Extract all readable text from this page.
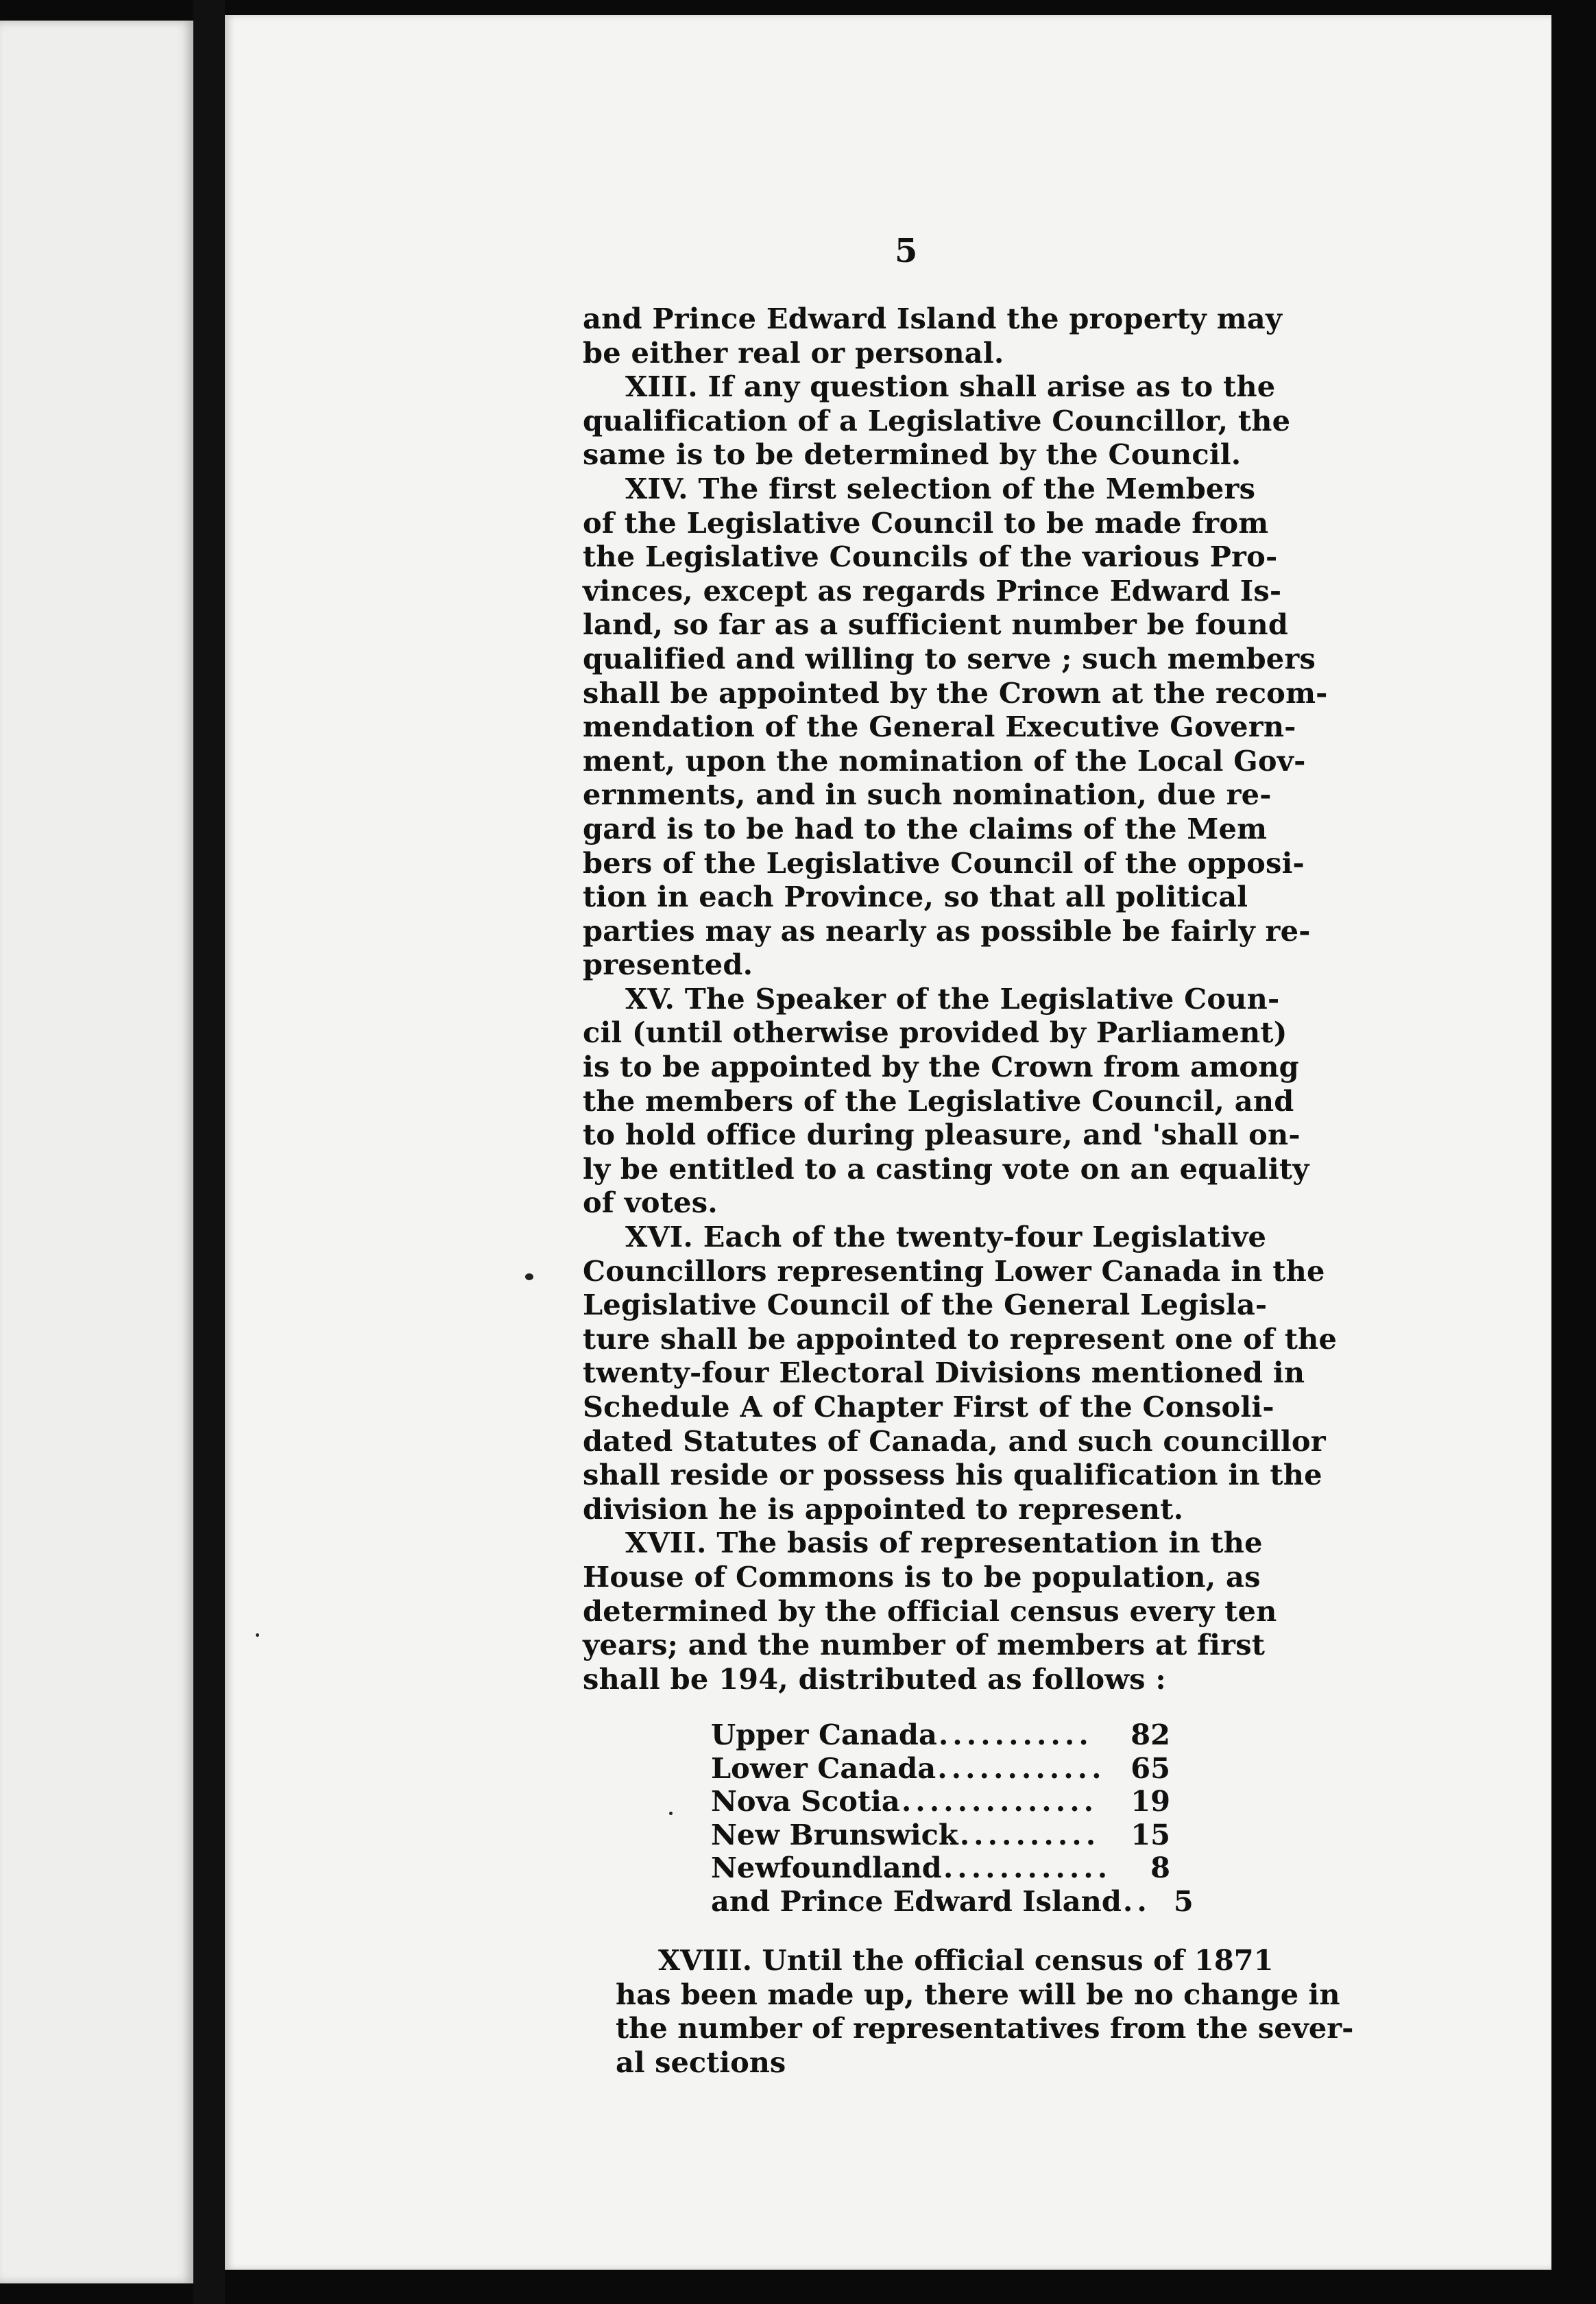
5
and Prince Edward Island the property may
be either real or personal.
XIII. If any question shall arise as to the
qualification of a Legislative Councillor, the
same is to be determined by the Council.
XIV. The first selection of the Members
of the Legislative Council to be made from
the Legislative Councils of the various Pro-
vinces, except as regards Prince Edward Is-
land, so far as a sufficient number be found
qualified and willing to serve ; such members
shall be appointed by the Crown at the recom-
mendation of the General Executive Govern-
ment, upon the nomination of the Local Gov-
ernments, and in such nomination, due re-
gard is to be had to the claims of the Mem
bers of the Legislative Council of the opposi-
tion in each Province, so that all political
parties may as nearly as possible be fairly re-
presented.
XV. The Speaker of the Legislative Coun-
cil (until otherwise provided by Parliament)
is to be appointed by the Crown from among
the members of the Legislative Council, and
to hold office during pleasure, and 'shall on-
ly be entitled to a casting vote on an equality
of votes.
XVI. Each of the twenty-four Legislative
Councillors representing Lower Canada in the
Legislative Council of the General Legisla-
ture shall be appointed to represent one of the
twenty-four Electoral Divisions mentioned in
Schedule A of Chapter First of the Consoli-
dated Statutes of Canada, and such councillor
shall reside or possess his qualification in the
division he is appointed to represent.
XVII. The basis of representation in the
House of Commons is to be population, as
determined by the official census every ten
years; and the number of members at first
shall be 194, distributed as follows :
Upper Canada ...........	82
Lower Canada ............ 65
Nova Scotia ..............	19
New Brunswick ..........	15
Newfoundland ............	8
and Prince Edward Island .. 5
XVIII. Until the official census of 1871
has been made up, there will be no change in
the number of representatives from the sever-
al sections
